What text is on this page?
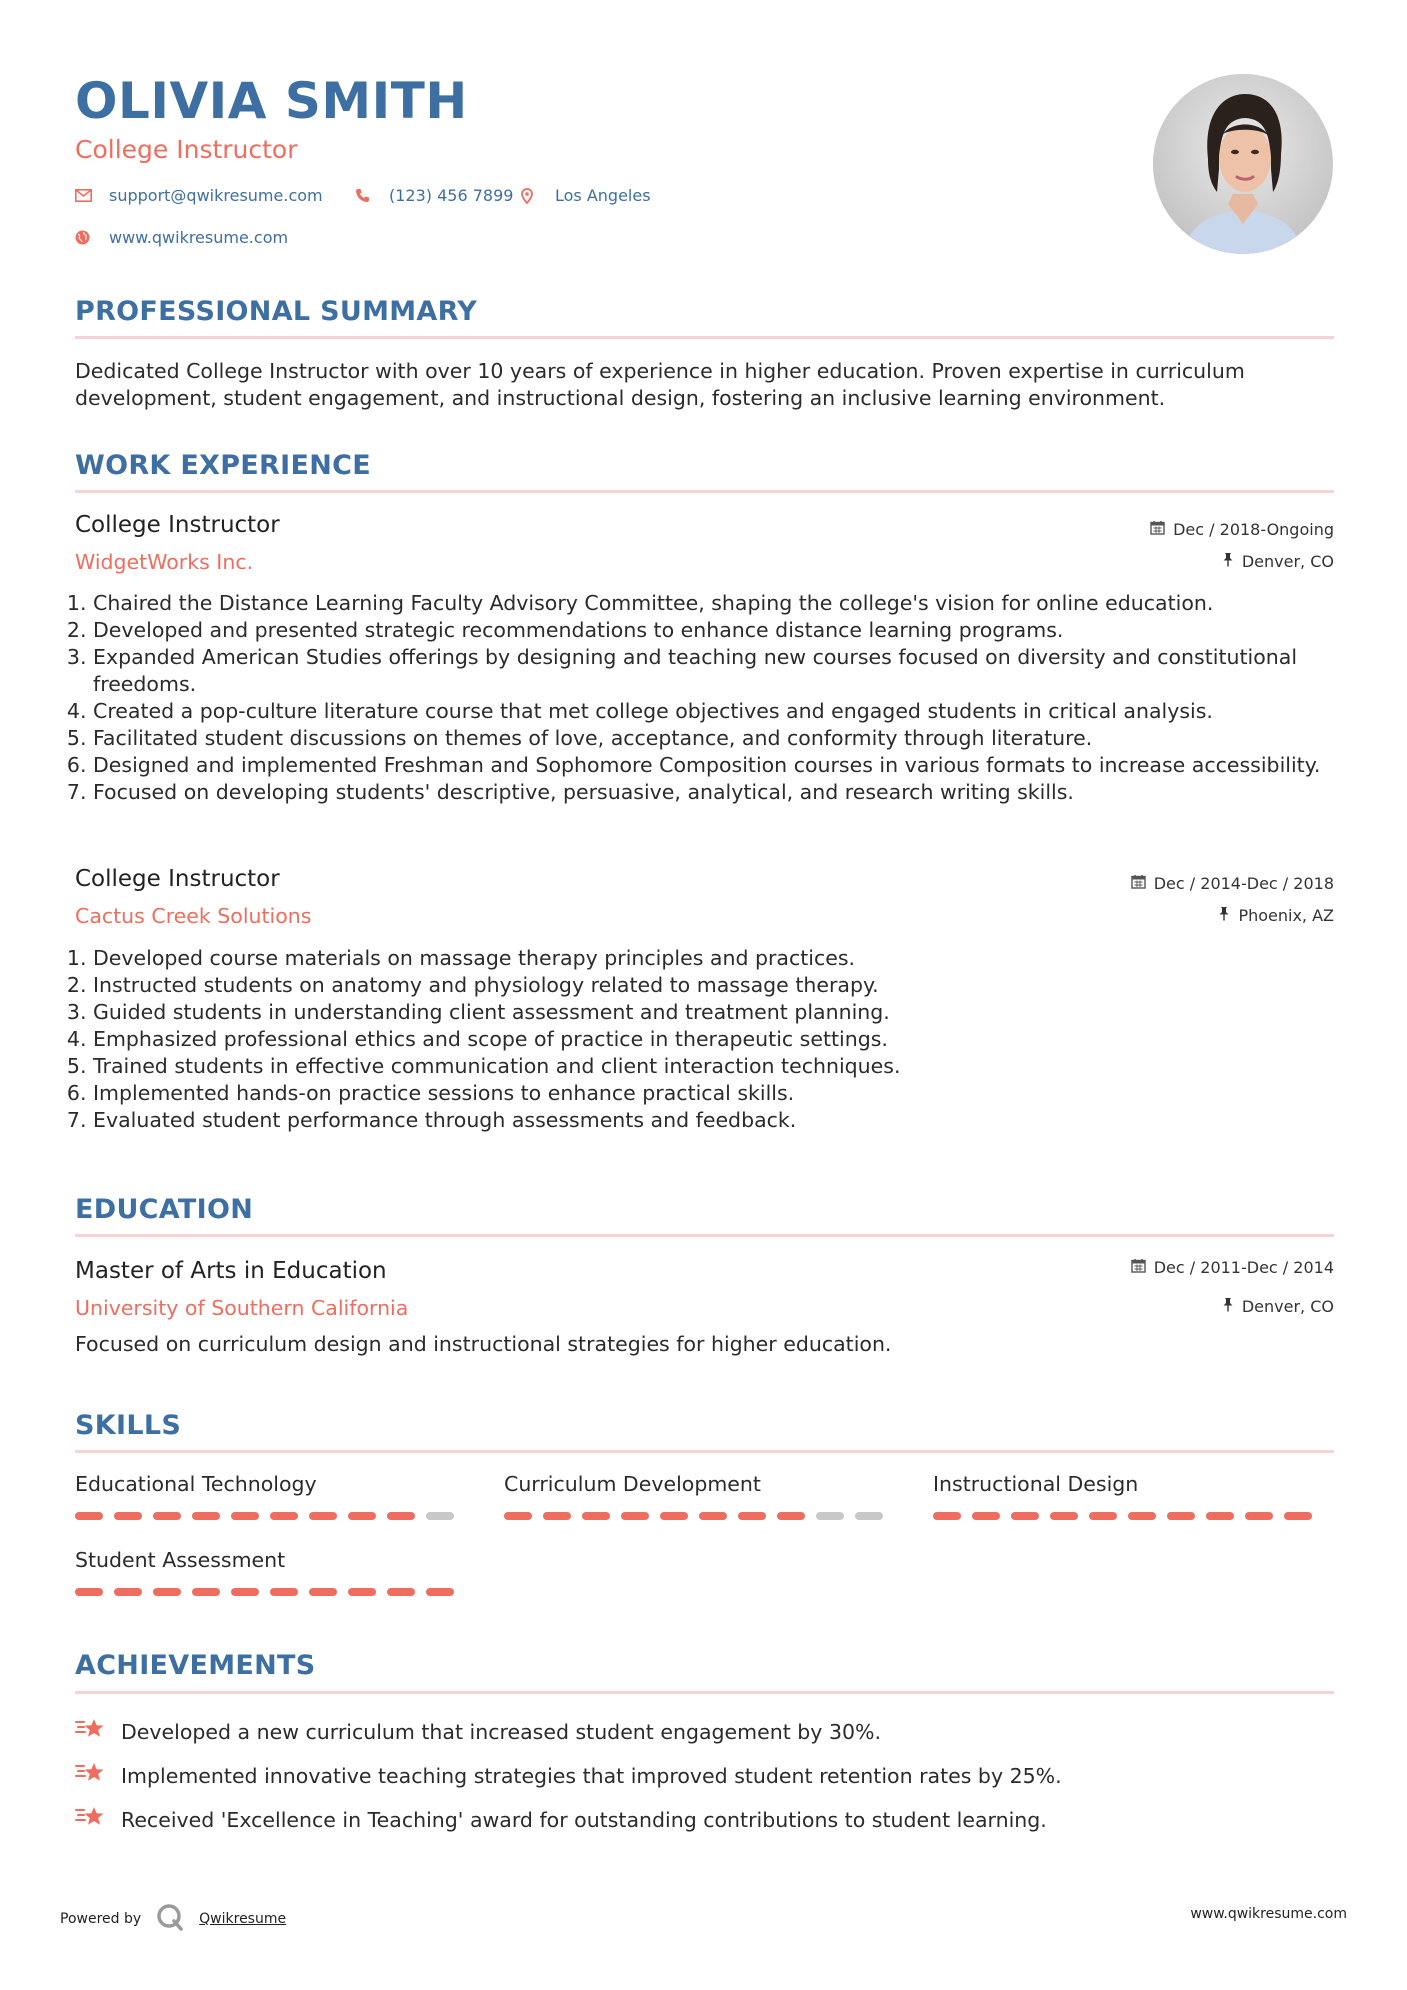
OLIVIA SMITH
College Instructor
support@qwikresume.com	(123) 456 7899	Los Angeles
www.qwikresume.com
PROFESSIONAL SUMMARY

Dedicated College Instructor with over 10 years of experience in higher education. Proven expertise in curriculum development, student engagement, and instructional design, fostering an inclusive learning environment.

WORK EXPERIENCE
College Instructor
WidgetWorks Inc.
Dec / 2018-Ongoing
Denver, CO
1. Chaired the Distance Learning Faculty Advisory Committee, shaping the college's vision for online education.
2. Developed and presented strategic recommendations to enhance distance learning programs.
3. Expanded American Studies offerings by designing and teaching new courses focused on diversity and constitutional freedoms.
4. Created a pop-culture literature course that met college objectives and engaged students in critical analysis.
5. Facilitated student discussions on themes of love, acceptance, and conformity through literature.
6. Designed and implemented Freshman and Sophomore Composition courses in various formats to increase accessibility.
7. Focused on developing students' descriptive, persuasive, analytical, and research writing skills.
College Instructor
Cactus Creek Solutions
Dec / 2014-Dec / 2018
Phoenix, AZ
1. Developed course materials on massage therapy principles and practices.
2. Instructed students on anatomy and physiology related to massage therapy.
3. Guided students in understanding client assessment and treatment planning.
4. Emphasized professional ethics and scope of practice in therapeutic settings.
5. Trained students in effective communication and client interaction techniques.
6. Implemented hands-on practice sessions to enhance practical skills.
7. Evaluated student performance through assessments and feedback.
EDUCATION
Master of Arts in Education
University of Southern California
Dec / 2011-Dec / 2014
Denver, CO

Focused on curriculum design and instructional strategies for higher education.

SKILLS
Educational Technology	Curriculum Development	Instructional Design
Student Assessment
ACHIEVEMENTS
Developed a new curriculum that increased student engagement by 30%.
Implemented innovative teaching strategies that improved student retention rates by 25%.
Received 'Excellence in Teaching' award for outstanding contributions to student learning.
Powered by	Qwikresume	www.qwikresume.com
